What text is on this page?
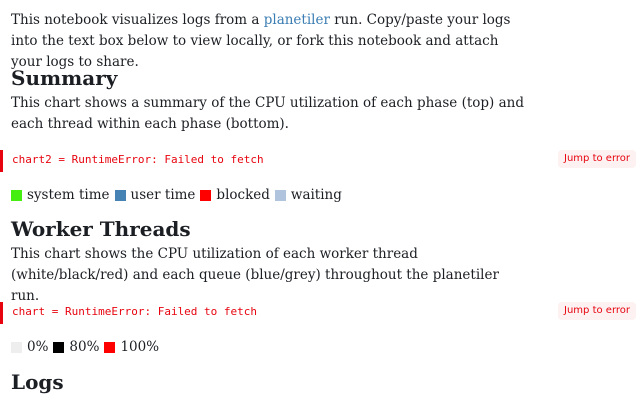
This notebook visualizes logs from a planetiler run. Copy/paste your logs into the text box below to view locally, or fork this notebook and attach your logs to share.

Summary

This chart shows a summary of the CPU utilization of each phase (top) and each thread within each phase (bottom).

chart2 = RuntimeError: Failed to fetch	Jump to error
system time user time blocked waiting
Worker Threads

This chart shows the CPU utilization of each worker thread (white/black/red) and each queue (blue/grey) throughout the planetiler run.

chart = RuntimeError: Failed to fetch	Jump to error
0% 80% 100%
Logs
